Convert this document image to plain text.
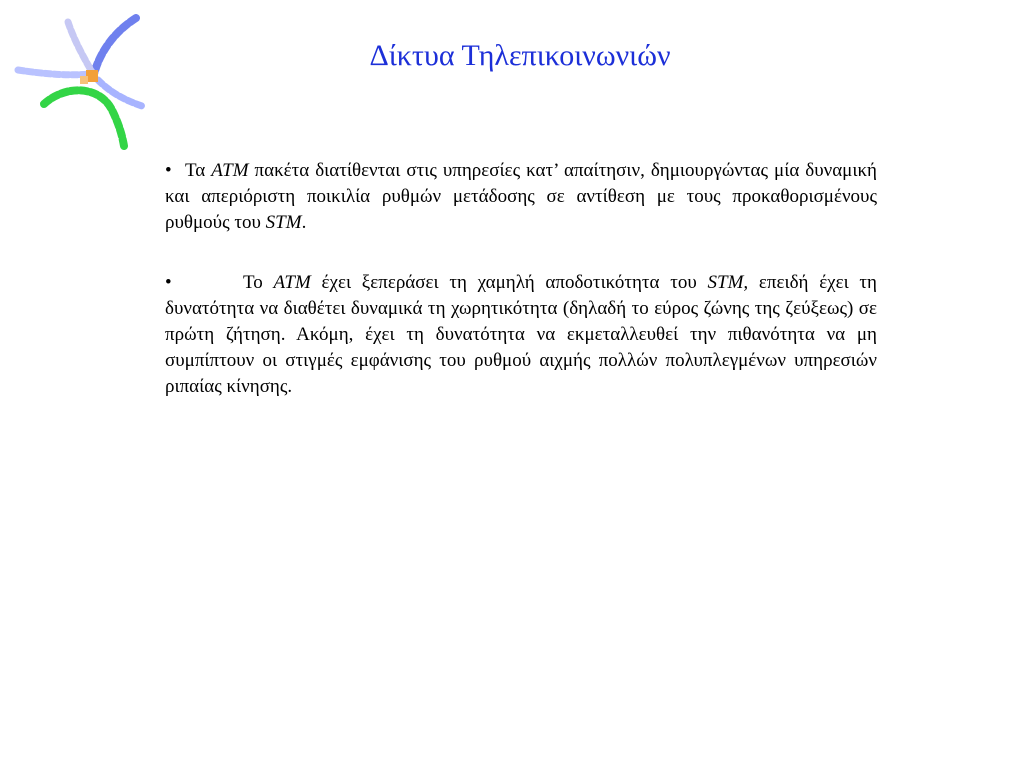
Δίκτυα Τηλεπικοινωνιών

• Τα ATM πακέτα διατίθενται στις υπηρεσίες κατ’ απαίτησιν, δημιουργώντας μία δυναμική και απεριόριστη ποικιλία ρυθμών μετάδοσης σε αντίθεση με τους προκαθορισμένους ρυθμούς του STM.

•	Το ATM έχει ξεπεράσει τη χαμηλή αποδοτικότητα του STM, επειδή έχει τη δυνατότητα να διαθέτει δυναμικά τη χωρητικότητα (δηλαδή το εύρος ζώνης της ζεύξεως) σε πρώτη ζήτηση. Ακόμη, έχει τη δυνατότητα να εκμεταλλευθεί την πιθανότητα να μη συμπίπτουν οι στιγμές εμφάνισης του ρυθμού αιχμής πολλών πολυπλεγμένων υπηρεσιών ριπαίας κίνησης.
